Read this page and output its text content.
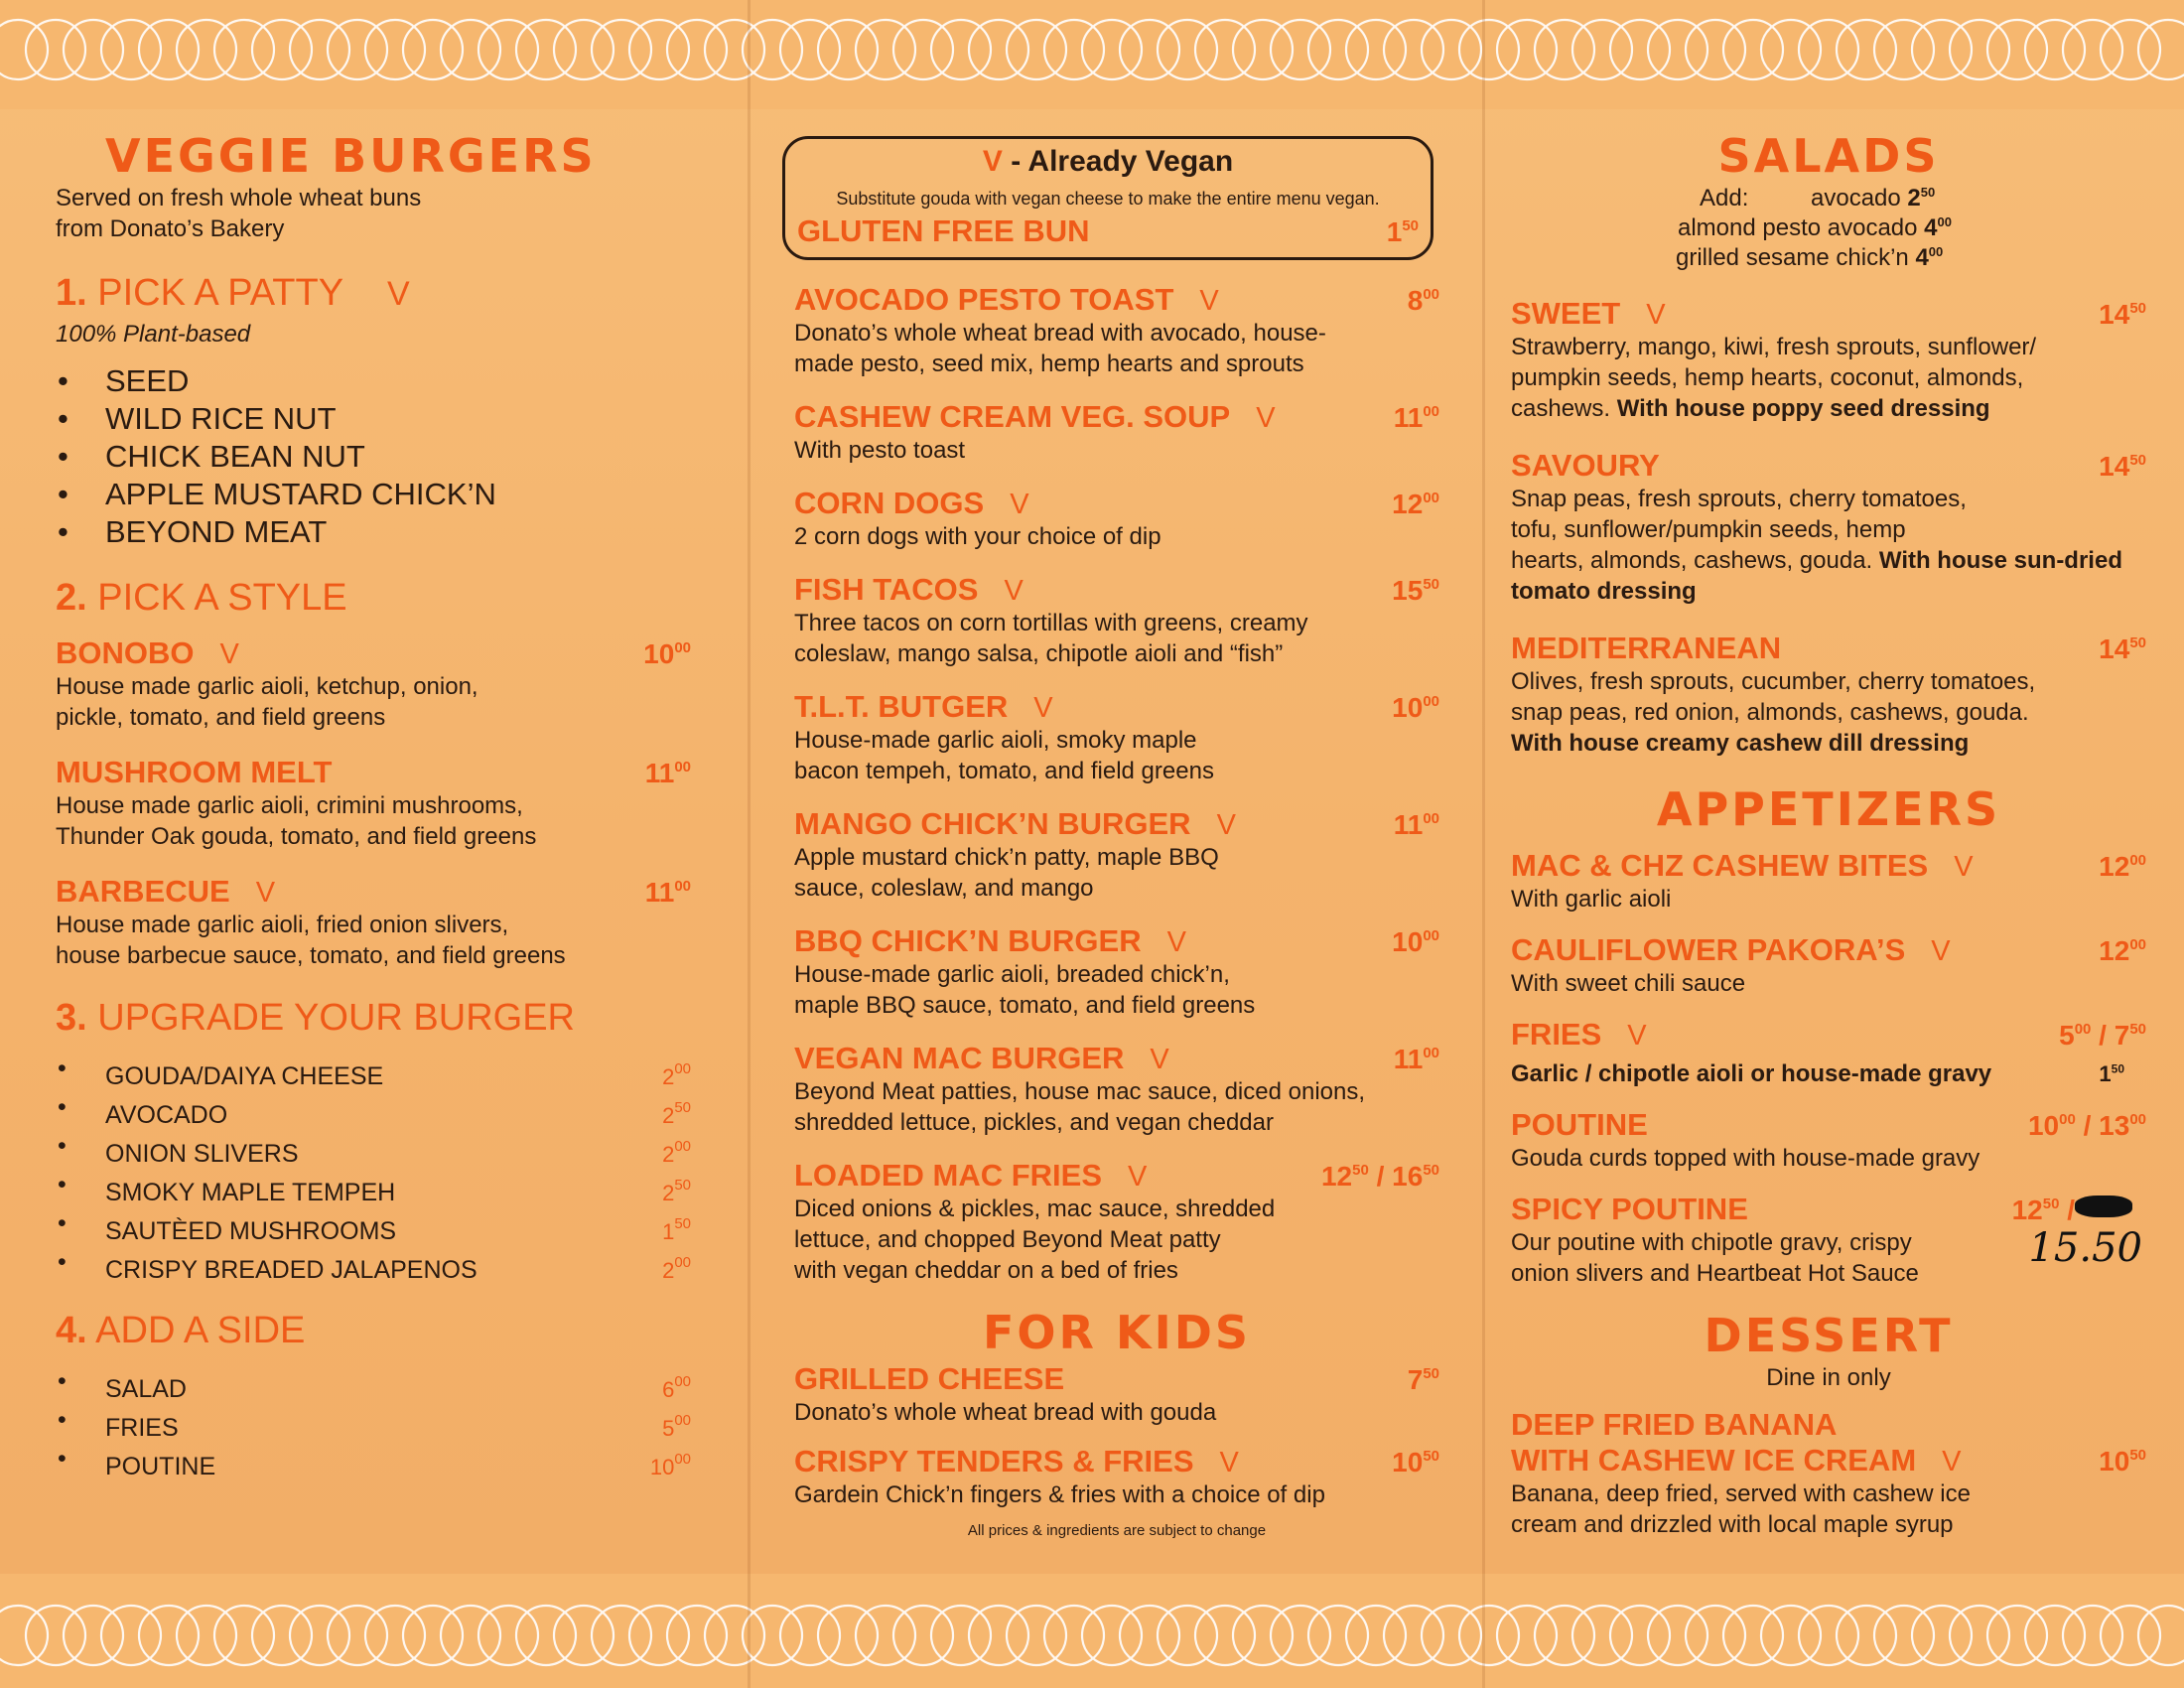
VEGGIE BURGERS

Served on fresh whole wheat buns

from Donato’s Bakery

1. PICK A PATTY V

100% Plant-based

• SEED
• WILD RICE NUT
• CHICK BEAN NUT
• APPLE MUSTARD CHICK’N
• BEYOND MEAT

2. PICK A STYLE

BONOBO V	$10^{00}$

House made garlic aioli, ketchup, onion,

pickle, tomato, and field greens

MUSHROOM MELT	$11^{00}$

House made garlic aioli, crimini mushrooms,

Thunder Oak gouda, tomato, and field greens

BARBECUE V	$11^{00}$

House made garlic aioli, fried onion slivers,

house barbecue sauce, tomato, and field greens

3. UPGRADE YOUR BURGER

• GOUDA/DAIYA CHEESE	$2^{00}$
• AVOCADO	$2^{50}$
• ONION SLIVERS	$2^{00}$
• SMOKY MAPLE TEMPEH	$2^{50}$
• SAUTÈED MUSHROOMS	$1^{50}$
• CRISPY BREADED JALAPENOS	$2^{00}$

4. ADD A SIDE

• SALAD	$6^{00}$
• FRIES	$5^{00}$
• POUTINE	$10^{00}$

V - Already Vegan

Substitute gouda with vegan cheese to make the entire menu vegan.

GLUTEN FREE BUN	$1^{50}$
AVOCADO PESTO TOAST V	$8^{00}$

Donato’s whole wheat bread with avocado, house-

made pesto, seed mix, hemp hearts and sprouts

CASHEW CREAM VEG. SOUP V	$11^{00}$

With pesto toast

CORN DOGS V	$12^{00}$

2 corn dogs with your choice of dip

FISH TACOS V	$15^{50}$

Three tacos on corn tortillas with greens, creamy

coleslaw, mango salsa, chipotle aioli and “fish”

T.L.T. BUTGER V	$10^{00}$

House-made garlic aioli, smoky maple

bacon tempeh, tomato, and field greens

MANGO CHICK’N BURGER V	$11^{00}$

Apple mustard chick’n patty, maple BBQ

sauce, coleslaw, and mango

BBQ CHICK’N BURGER V	$10^{00}$

House-made garlic aioli, breaded chick’n,

maple BBQ sauce, tomato, and field greens

VEGAN MAC BURGER V	$11^{00}$

Beyond Meat patties, house mac sauce, diced onions,

shredded lettuce, pickles, and vegan cheddar

LOADED MAC FRIES V	$12^{50} / 16^{50}$

Diced onions & pickles, mac sauce, shredded

lettuce, and chopped Beyond Meat patty

with vegan cheddar on a bed of fries

FOR KIDS
GRILLED CHEESE	$7^{50}$

Donato’s whole wheat bread with gouda

CRISPY TENDERS & FRIES V	$10^{50}$

Gardein Chick’n fingers & fries with a choice of dip

All prices & ingredients are subject to change

SALADS
Add:	avocado $2^{50}$
almond pesto avocado $4^{00}$
grilled sesame chick’n $4^{00}$
SWEET V	$14^{50}$

Strawberry, mango, kiwi, fresh sprouts, sunflower/

pumpkin seeds, hemp hearts, coconut, almonds,

cashews. With house poppy seed dressing

SAVOURY	$14^{50}$

Snap peas, fresh sprouts, cherry tomatoes,

tofu, sunflower/pumpkin seeds, hemp

hearts, almonds, cashews, gouda. With house sun-dried tomato dressing

MEDITERRANEAN	$14^{50}$

Olives, fresh sprouts, cucumber, cherry tomatoes,

snap peas, red onion, almonds, cashews, gouda.

With house creamy cashew dill dressing

APPETIZERS
MAC & CHZ CASHEW BITES V	$12^{00}$

With garlic aioli

CAULIFLOWER PAKORA’S V	$12^{00}$

With sweet chili sauce

FRIES V	$5^{00} / 7^{50}$
Garlic / chipotle aioli or house-made gravy	$1^{50}$
POUTINE	$10^{00} / 13^{00}$

Gouda curds topped with house-made gravy

SPICY POUTINE	$12^{50}$ /

Our poutine with chipotle gravy, crispy

onion slivers and Heartbeat Hot Sauce

15.50
DESSERT

Dine in only

DEEP FRIED BANANA
WITH CASHEW ICE CREAM V	$10^{50}$

Banana, deep fried, served with cashew ice

cream and drizzled with local maple syrup
